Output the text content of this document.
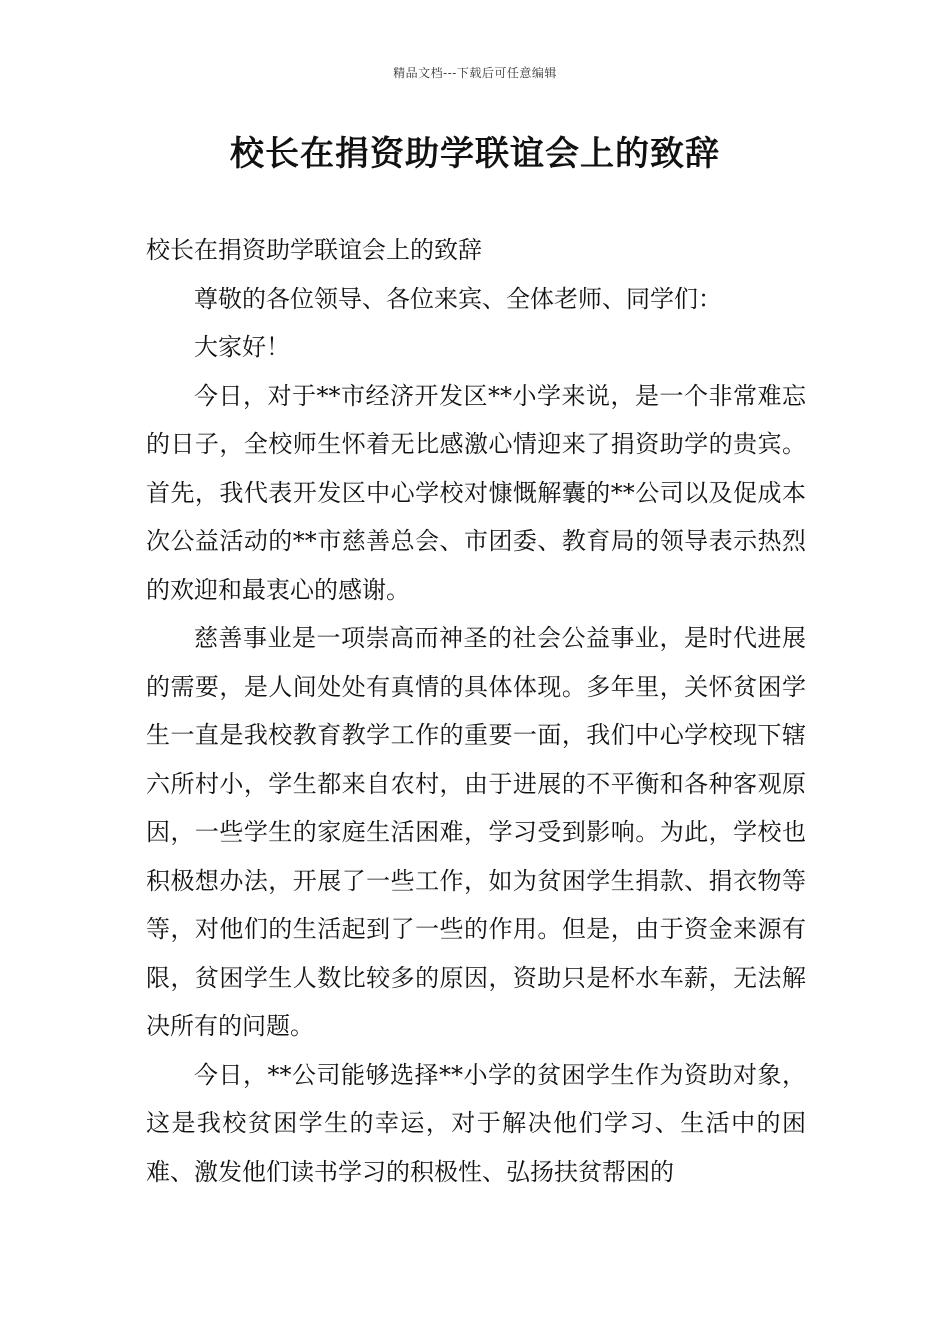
精品文档---下载后可任意编辑
校长在捐资助学联谊会上的致辞

校长在捐资助学联谊会上的致辞

尊敬的各位领导、各位来宾、全体老师、同学们：

大家好！

今日，对于**市经济开发区**小学来说，是一个非常难忘的日子，全校师生怀着无比感激心情迎来了捐资助学的贵宾。首先，我代表开发区中心学校对慷慨解囊的**公司以及促成本次公益活动的**市慈善总会、市团委、教育局的领导表示热烈的欢迎和最衷心的感谢。

慈善事业是一项崇高而神圣的社会公益事业，是时代进展的需要，是人间处处有真情的具体体现。多年里，关怀贫困学生一直是我校教育教学工作的重要一面，我们中心学校现下辖六所村小，学生都来自农村，由于进展的不平衡和各种客观原因，一些学生的家庭生活困难，学习受到影响。为此，学校也积极想办法，开展了一些工作，如为贫困学生捐款、捐衣物等等，对他们的生活起到了一些的作用。但是，由于资金来源有限，贫困学生人数比较多的原因，资助只是杯水车薪，无法解决所有的问题。

今日，**公司能够选择**小学的贫困学生作为资助对象，这是我校贫困学生的幸运，对于解决他们学习、生活中的困难、激发他们读书学习的积极性、弘扬扶贫帮困的
